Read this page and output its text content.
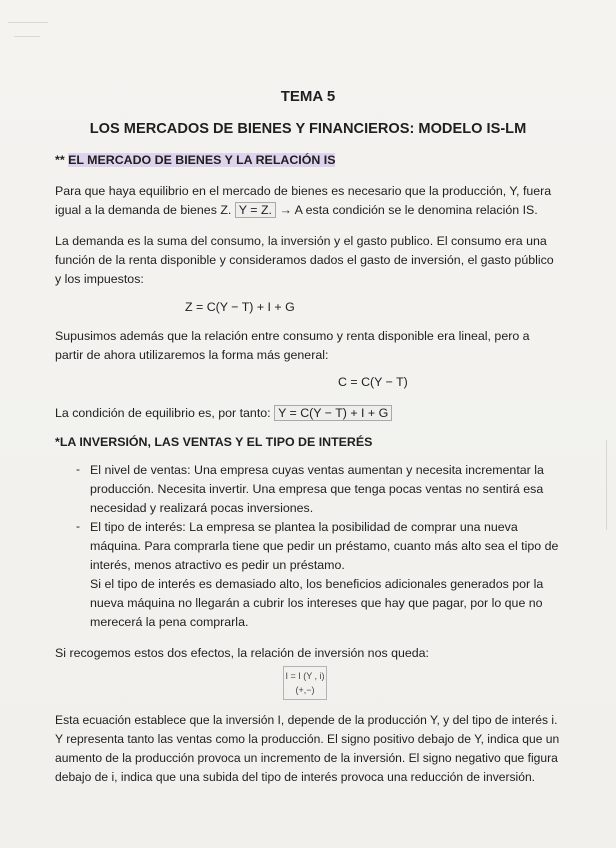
TEMA 5
LOS MERCADOS DE BIENES Y FINANCIEROS: MODELO IS-LM
** EL MERCADO DE BIENES Y LA RELACIÓN IS
Para que haya equilibrio en el mercado de bienes es necesario que la producción, Y, fuera
igual a la demanda de bienes Z. Y = Z. → A esta condición se le denomina relación IS.
La demanda es la suma del consumo, la inversión y el gasto publico. El consumo era una
función de la renta disponible y consideramos dados el gasto de inversión, el gasto público
y los impuestos:
Z = C(Y − T) + I + G
Supusimos además que la relación entre consumo y renta disponible era lineal, pero a
partir de ahora utilizaremos la forma más general:
C = C(Y − T)
La condición de equilibrio es, por tanto: Y = C(Y − T) + I + G
*LA INVERSIÓN, LAS VENTAS Y EL TIPO DE INTERÉS
- El nivel de ventas: Una empresa cuyas ventas aumentan y necesita incrementar la
producción. Necesita invertir. Una empresa que tenga pocas ventas no sentirá esa
necesidad y realizará pocas inversiones.
- El tipo de interés: La empresa se plantea la posibilidad de comprar una nueva
máquina. Para comprarla tiene que pedir un préstamo, cuanto más alto sea el tipo de
interés, menos atractivo es pedir un préstamo.
Si el tipo de interés es demasiado alto, los beneficios adicionales generados por la
nueva máquina no llegarán a cubrir los intereses que hay que pagar, por lo que no
merecerá la pena comprarla.
Si recogemos estos dos efectos, la relación de inversión nos queda:
I = I (Y , i)
(+,−)
Esta ecuación establece que la inversión I, depende de la producción Y, y del tipo de interés i.
Y representa tanto las ventas como la producción. El signo positivo debajo de Y, indica que un
aumento de la producción provoca un incremento de la inversión. El signo negativo que figura
debajo de i, indica que una subida del tipo de interés provoca una reducción de inversión.
